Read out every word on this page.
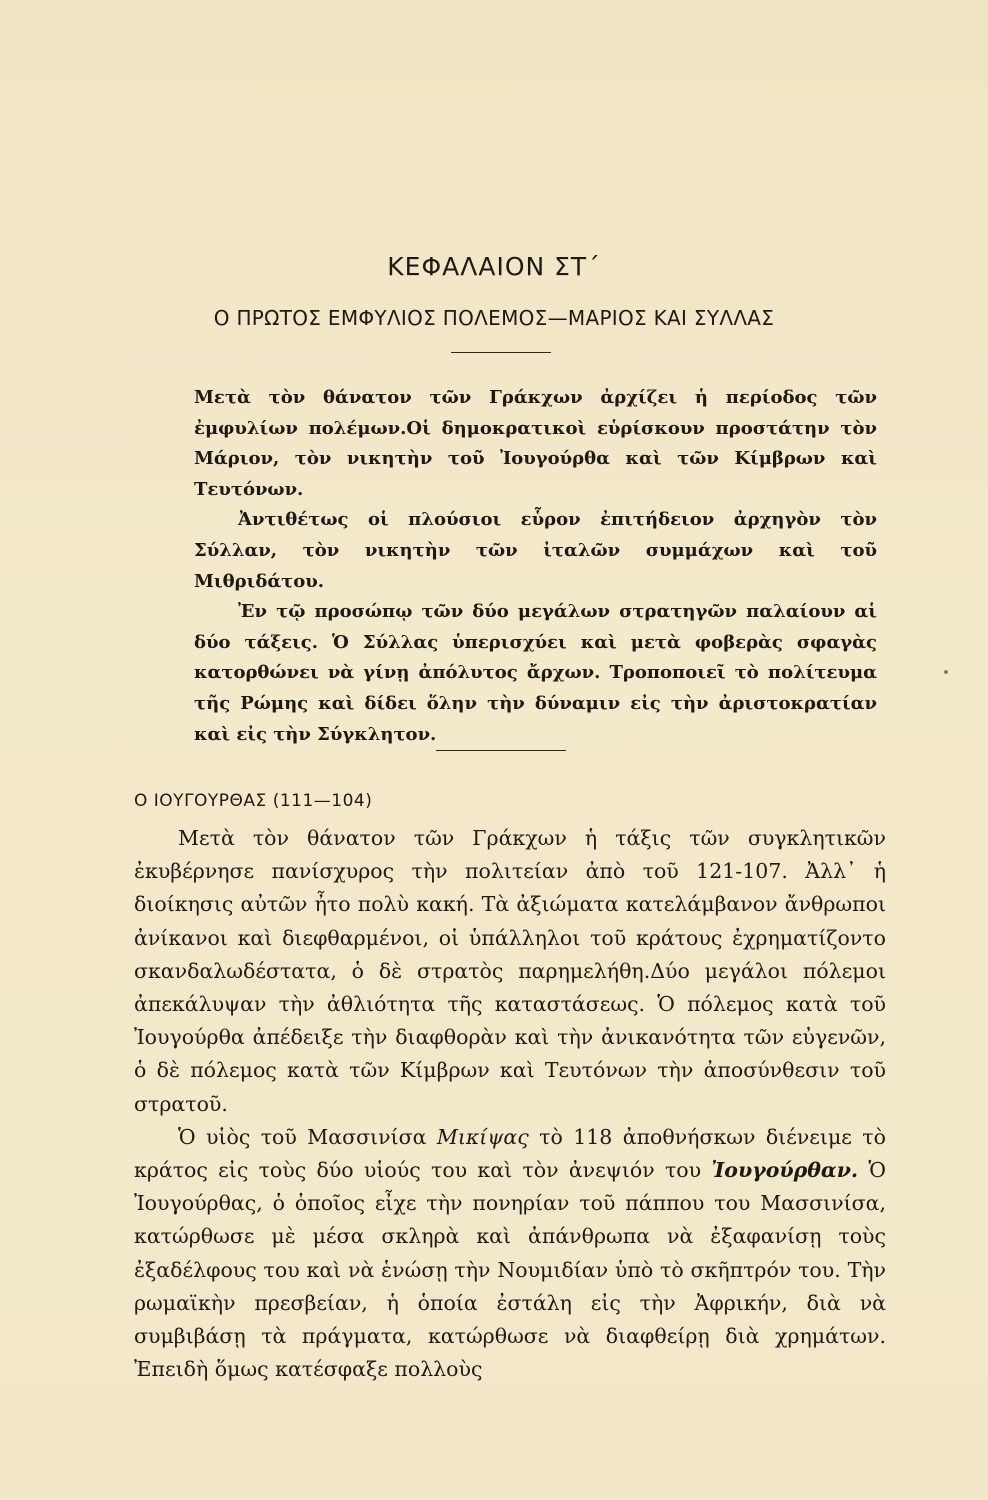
ΚΕΦΑΛΑΙΟΝ ΣΤ΄
Ο ΠΡΩΤΟΣ ΕΜΦΥΛΙΟΣ ΠΟΛΕΜΟΣ—ΜΑΡΙΟΣ ΚΑΙ ΣΥΛΛΑΣ

Μετὰ τὸν θάνατον τῶν Γράκχων ἀρχίζει ἡ περίοδος τῶν ἐμφυλίων πολέμων.Οἱ δημοκρατικοὶ εὑρίσκουν προστάτην τὸν Μάριον, τὸν νικητὴν τοῦ Ἰουγούρθα καὶ τῶν Κίμβρων καὶ Τευτόνων.

Ἀντιθέτως οἱ πλούσιοι εὗρον ἐπιτήδειον ἀρχηγὸν τὸν Σύλλαν, τὸν νικητὴν τῶν ἰταλῶν συμμάχων καὶ τοῦ Μιθριδάτου.

Ἐν τῷ προσώπῳ τῶν δύο μεγάλων στρατηγῶν παλαίουν αἱ δύο τάξεις. Ὁ Σύλλας ὑπερισχύει καὶ μετὰ φοβερὰς σφαγὰς κατορθώνει νὰ γίνῃ ἀπόλυτος ἄρχων. Τροποποιεῖ τὸ πολίτευμα τῆς Ρώμης καὶ δίδει ὅλην τὴν δύναμιν εἰς τὴν ἀριστοκρατίαν καὶ εἰς τὴν Σύγκλητον.

Ο ΙΟΥΓΟΥΡΘΑΣ (111—104)

Μετὰ τὸν θάνατον τῶν Γράκχων ἡ τάξις τῶν συγκλητικῶν ἐκυβέρνησε πανίσχυρος τὴν πολιτείαν ἀπὸ τοῦ 121-107. Ἀλλ᾽ ἡ διοίκησις αὐτῶν ἦτο πολὺ κακή. Τὰ ἀξιώματα κατελάμβανον ἄνθρωποι ἀνίκανοι καὶ διεφθαρμένοι, οἱ ὑπάλληλοι τοῦ κράτους ἐχρηματίζοντο σκανδαλωδέστατα, ὁ δὲ στρατὸς παρημελήθη.Δύο μεγάλοι πόλεμοι ἀπεκάλυψαν τὴν ἀθλιότητα τῆς καταστάσεως. Ὁ πόλεμος κατὰ τοῦ Ἰουγούρθα ἀπέδειξε τὴν διαφθορὰν καὶ τὴν ἀνικανότητα τῶν εὐγενῶν, ὁ δὲ πόλεμος κατὰ τῶν Κίμβρων καὶ Τευτόνων τὴν ἀποσύνθεσιν τοῦ στρατοῦ.

Ὁ υἱὸς τοῦ Μασσινίσα Μικίψας τὸ 118 ἀποθνήσκων διένειμε τὸ κράτος εἰς τοὺς δύο υἱούς του καὶ τὸν ἀνεψιόν του Ἰουγούρθαν. Ὁ Ἰουγούρθας, ὁ ὁποῖος εἶχε τὴν πονηρίαν τοῦ πάππου του Μασσινίσα, κατώρθωσε μὲ μέσα σκληρὰ καὶ ἀπάνθρωπα νὰ ἐξαφανίσῃ τοὺς ἐξαδέλφους του καὶ νὰ ἑνώσῃ τὴν Νουμιδίαν ὑπὸ τὸ σκῆπτρόν του. Τὴν ρωμαϊκὴν πρεσβείαν, ἡ ὁποία ἐστάλη εἰς τὴν Ἀφρικήν, διὰ νὰ συμβιβάσῃ τὰ πράγματα, κατώρθωσε νὰ διαφθείρῃ διὰ χρημάτων. Ἐπειδὴ ὅμως κατέσφαξε πολλοὺς
